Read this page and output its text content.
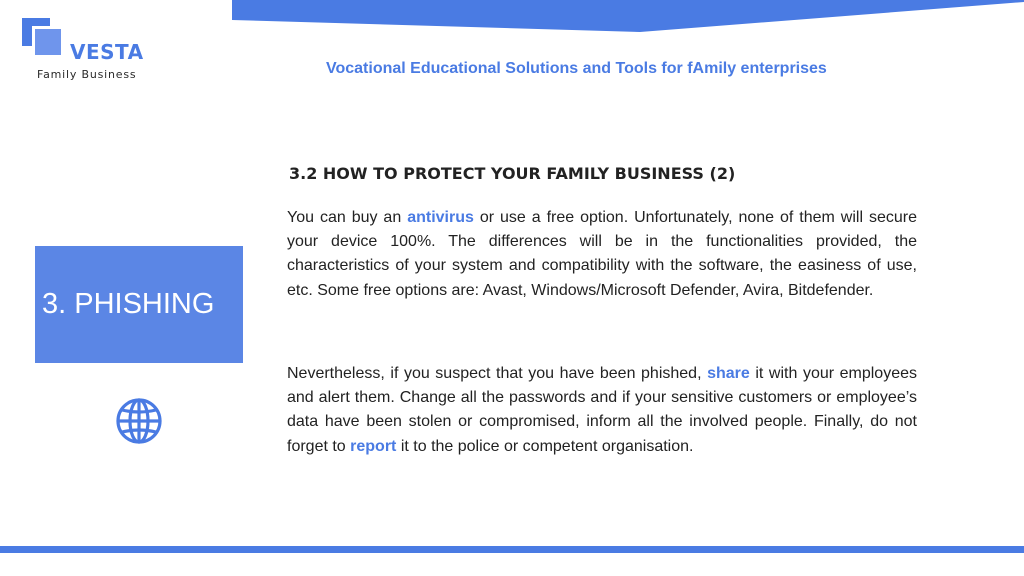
VESTA
Family Business	Vocational Educational Solutions and Tools for fAmily enterprises
3. PHISHING
3.2 HOW TO PROTECT YOUR FAMILY BUSINESS (2)

You can buy an antivirus or use a free option. Unfortunately, none of them will secure your device 100%. The differences will be in the functionalities provided, the characteristics of your system and compatibility with the software, the easiness of use, etc. Some free options are: Avast, Windows/Microsoft Defender, Avira, Bitdefender.

Nevertheless, if you suspect that you have been phished, share it with your employees and alert them. Change all the passwords and if your sensitive customers or employee’s data have been stolen or compromised, inform all the involved people. Finally, do not forget to report it to the police or competent organisation.
